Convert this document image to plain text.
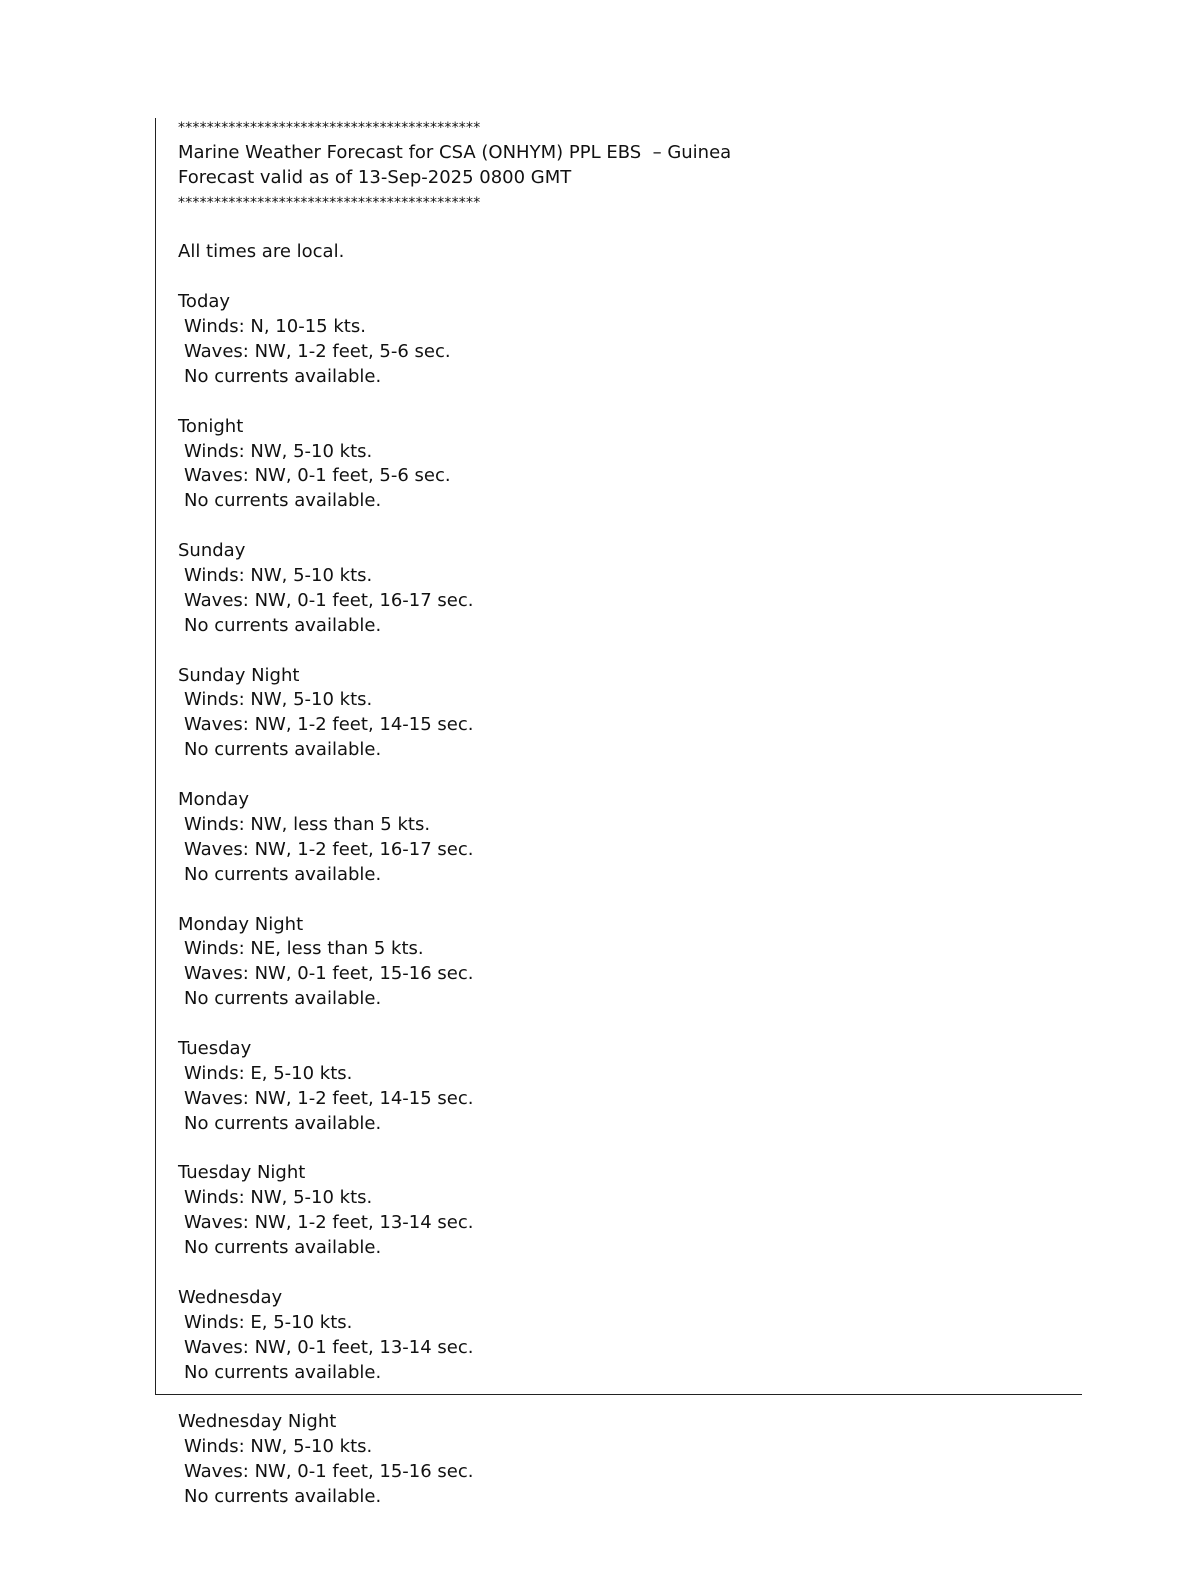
******************************************
Marine Weather Forecast for CSA (ONHYM) PPL EBS  – Guinea
Forecast valid as of 13-Sep-2025 0800 GMT
******************************************
All times are local.
Today
Winds: N, 10-15 kts.
Waves: NW, 1-2 feet, 5-6 sec.
No currents available.
Tonight
Winds: NW, 5-10 kts.
Waves: NW, 0-1 feet, 5-6 sec.
No currents available.
Sunday
Winds: NW, 5-10 kts.
Waves: NW, 0-1 feet, 16-17 sec.
No currents available.
Sunday Night
Winds: NW, 5-10 kts.
Waves: NW, 1-2 feet, 14-15 sec.
No currents available.
Monday
Winds: NW, less than 5 kts.
Waves: NW, 1-2 feet, 16-17 sec.
No currents available.
Monday Night
Winds: NE, less than 5 kts.
Waves: NW, 0-1 feet, 15-16 sec.
No currents available.
Tuesday
Winds: E, 5-10 kts.
Waves: NW, 1-2 feet, 14-15 sec.
No currents available.
Tuesday Night
Winds: NW, 5-10 kts.
Waves: NW, 1-2 feet, 13-14 sec.
No currents available.
Wednesday
Winds: E, 5-10 kts.
Waves: NW, 0-1 feet, 13-14 sec.
No currents available.
Wednesday Night
Winds: NW, 5-10 kts.
Waves: NW, 0-1 feet, 15-16 sec.
No currents available.
